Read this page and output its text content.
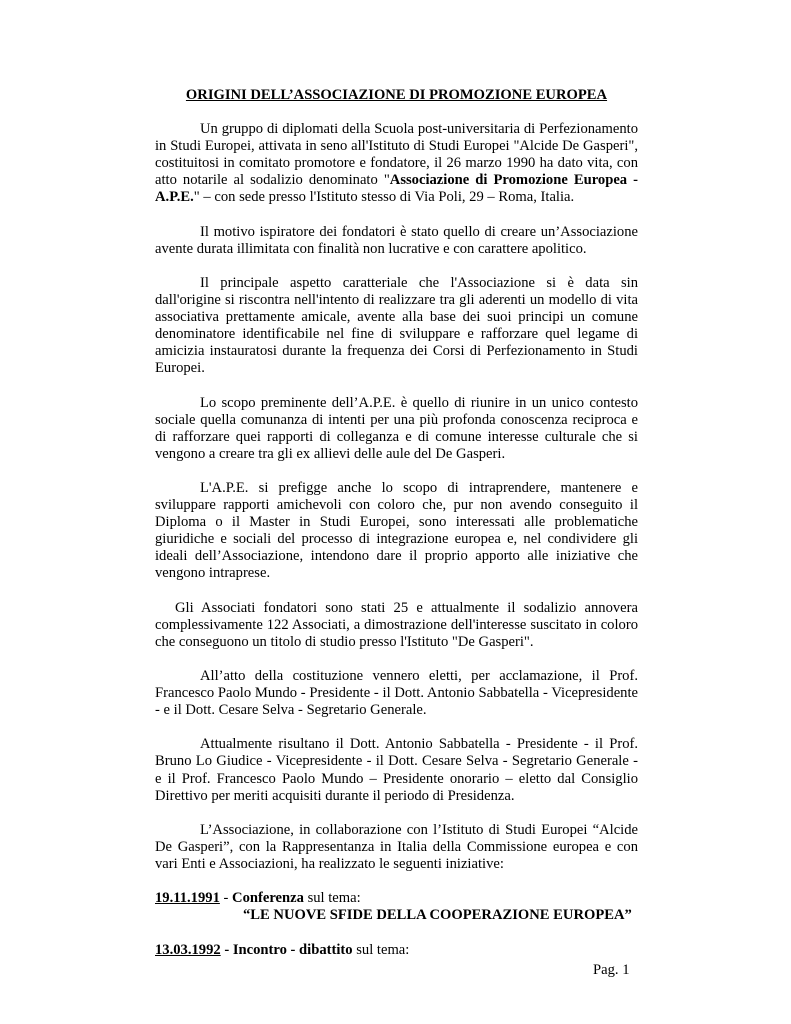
ORIGINI DELL’ASSOCIAZIONE DI PROMOZIONE EUROPEA

Un gruppo di diplomati della Scuola post-universitaria di Perfezionamento in Studi Europei, attivata in seno all'Istituto di Studi Europei "Alcide De Gasperi", costituitosi in comitato promotore e fondatore, il 26 marzo 1990 ha dato vita, con atto notarile al sodalizio denominato "Associazione di Promozione Europea - A.P.E." – con sede presso l'Istituto stesso di Via Poli, 29 – Roma, Italia.

Il motivo ispiratore dei fondatori è stato quello di creare un’Associazione avente durata illimitata con finalità non lucrative e con carattere apolitico.

Il principale aspetto caratteriale che l'Associazione si è data sin dall'origine si riscontra nell'intento di realizzare tra gli aderenti un modello di vita associativa prettamente amicale, avente alla base dei suoi principi un comune denominatore identificabile nel fine di sviluppare e rafforzare quel legame di amicizia instauratosi durante la frequenza dei Corsi di Perfezionamento in Studi Europei.

Lo scopo preminente dell’A.P.E. è quello di riunire in un unico contesto sociale quella comunanza di intenti per una più profonda conoscenza reciproca e di rafforzare quei rapporti di colleganza e di comune interesse culturale che si vengono a creare tra gli ex allievi delle aule del De Gasperi.

L'A.P.E. si prefigge anche lo scopo di intraprendere, mantenere e sviluppare rapporti amichevoli con coloro che, pur non avendo conseguito il Diploma o il Master in Studi Europei, sono interessati alle problematiche giuridiche e sociali del processo di integrazione europea e, nel condividere gli ideali dell’Associazione, intendono dare il proprio apporto alle iniziative che vengono intraprese.

Gli Associati fondatori sono stati 25 e attualmente il sodalizio annovera complessivamente 122 Associati, a dimostrazione dell'interesse suscitato in coloro che conseguono un titolo di studio presso l'Istituto "De Gasperi".

All’atto della costituzione vennero eletti, per acclamazione, il Prof. Francesco Paolo Mundo - Presidente - il Dott. Antonio Sabbatella - Vicepresidente - e il Dott. Cesare Selva - Segretario Generale.

Attualmente risultano il Dott. Antonio Sabbatella - Presidente - il Prof. Bruno Lo Giudice - Vicepresidente - il Dott. Cesare Selva - Segretario Generale - e il Prof. Francesco Paolo Mundo – Presidente onorario – eletto dal Consiglio Direttivo per meriti acquisiti durante il periodo di Presidenza.

L’Associazione, in collaborazione con l’Istituto di Studi Europei “Alcide De Gasperi”, con la Rappresentanza in Italia della Commissione europea e con vari Enti e Associazioni, ha realizzato le seguenti iniziative:

19.11.1991 - Conferenza sul tema:

“LE NUOVE SFIDE DELLA COOPERAZIONE EUROPEA”

13.03.1992 - Incontro - dibattito sul tema:

Pag. 1
